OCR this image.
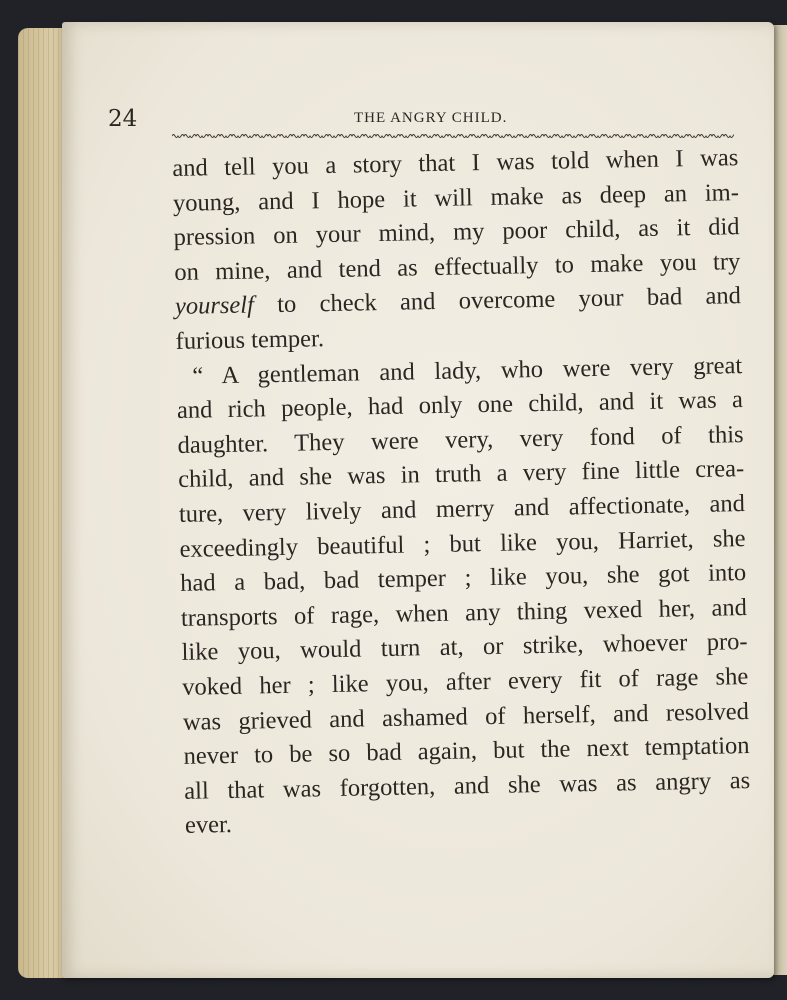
24	THE ANGRY CHILD.
and tell you a story that I was told when I was
young, and I hope it will make as deep an im-
pression on your mind, my poor child, as it did
on mine, and tend as effectually to make you try
yourself to check and overcome your bad and
furious temper.
“ A gentleman and lady, who were very great
and rich people, had only one child, and it was a
daughter. They were very, very fond of this
child, and she was in truth a very fine little crea-
ture, very lively and merry and affectionate, and
exceedingly beautiful ; but like you, Harriet, she
had a bad, bad temper ; like you, she got into
transports of rage, when any thing vexed her, and
like you, would turn at, or strike, whoever pro-
voked her ; like you, after every fit of rage she
was grieved and ashamed of herself, and resolved
never to be so bad again, but the next temptation
all that was forgotten, and she was as angry as
ever.
